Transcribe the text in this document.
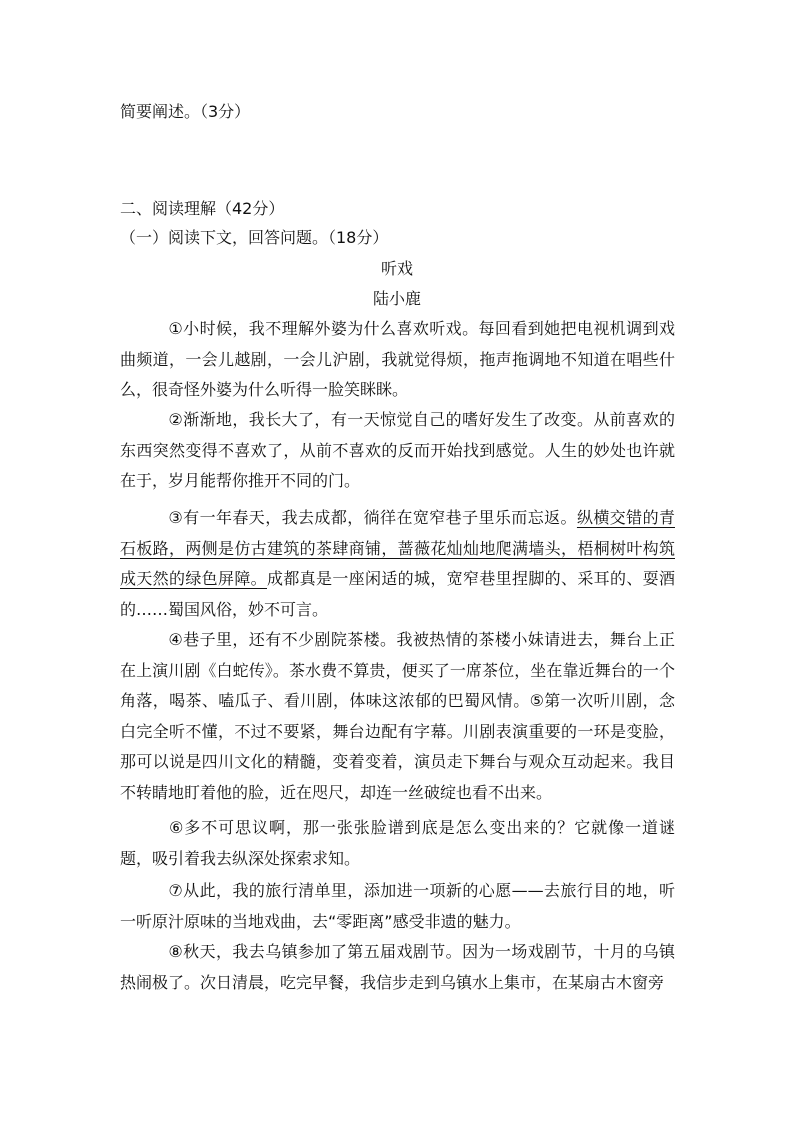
简要阐述。（3分）
二、阅读理解（42分）
（一）阅读下文，回答问题。（18分）
听戏
陆小鹿
①小时候，我不理解外婆为什么喜欢听戏。每回看到她把电视机调到戏曲频道，一会儿越剧，一会儿沪剧，我就觉得烦，拖声拖调地不知道在唱些什么，很奇怪外婆为什么听得一脸笑眯眯。
②渐渐地，我长大了，有一天惊觉自己的嗜好发生了改变。从前喜欢的东西突然变得不喜欢了，从前不喜欢的反而开始找到感觉。人生的妙处也许就在于，岁月能帮你推开不同的门。
③有一年春天，我去成都，徜徉在宽窄巷子里乐而忘返。纵横交错的青石板路，两侧是仿古建筑的茶肆商铺，蔷薇花灿灿地爬满墙头，梧桐树叶构筑成天然的绿色屏障。成都真是一座闲适的城，宽窄巷里捏脚的、采耳的、耍酒的……蜀国风俗，妙不可言。
④巷子里，还有不少剧院茶楼。我被热情的茶楼小妹请进去，舞台上正在上演川剧《白蛇传》。茶水费不算贵，便买了一席茶位，坐在靠近舞台的一个角落，喝茶、嗑瓜子、看川剧，体味这浓郁的巴蜀风情。⑤第一次听川剧，念白完全听不懂，不过不要紧，舞台边配有字幕。川剧表演重要的一环是变脸，那可以说是四川文化的精髓，变着变着，演员走下舞台与观众互动起来。我目不转睛地盯着他的脸，近在咫尺，却连一丝破绽也看不出来。
⑥多不可思议啊，那一张张脸谱到底是怎么变出来的？它就像一道谜题，吸引着我去纵深处探索求知。
⑦从此，我的旅行清单里，添加进一项新的心愿——去旅行目的地，听一听原汁原味的当地戏曲，去“零距离”感受非遗的魅力。
⑧秋天，我去乌镇参加了第五届戏剧节。因为一场戏剧节，十月的乌镇热闹极了。次日清晨，吃完早餐，我信步走到乌镇水上集市，在某扇古木窗旁
